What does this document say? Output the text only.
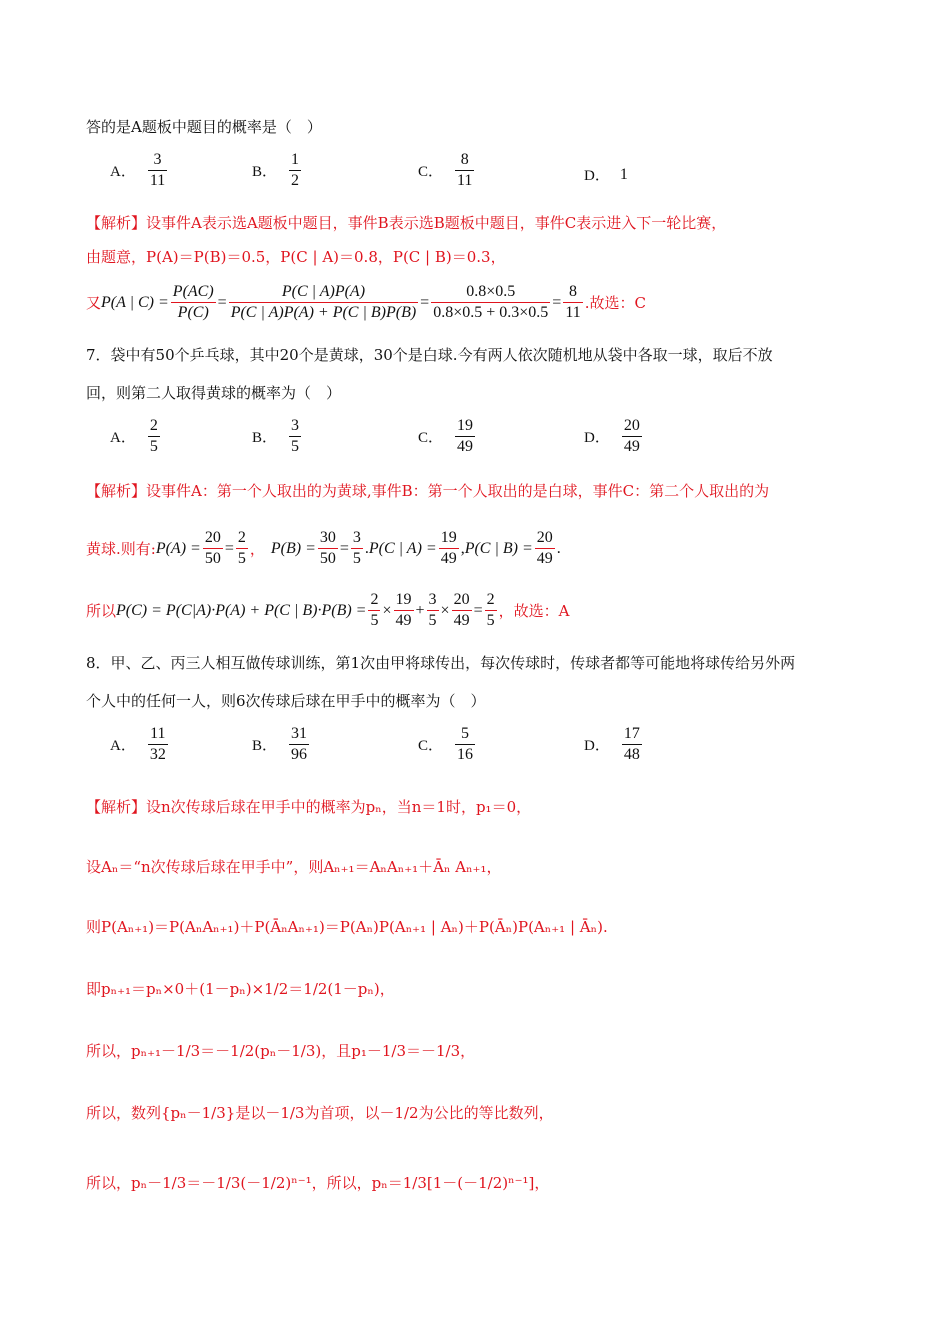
答的是A题板中题目的概率是（　）
A． $\frac{3}{11}$	B． $\frac{1}{2}$	C． $\frac{8}{11}$	D． 1
【解析】设事件A表示选A题板中题目，事件B表示选B题板中题目，事件C表示进入下一轮比赛，
由题意，P(A)＝P(B)＝0.5，P(C | A)＝0.8，P(C | B)＝0.3，
又 P(A | $C) = \frac{P(AC)}{P(C)} = \frac{P(C | A)P(A)}{P(C | A)P(A) + P(C | B)P(B)} = \frac{0.8\times 0.5}{0.8\times 0.5 + 0.3\times 0.5} = \frac{8}{11}$ .故选：C
7．袋中有50个乒乓球，其中20个是黄球，30个是白球.今有两人依次随机地从袋中各取一球，取后不放
回，则第二人取得黄球的概率为（　）
A． $\frac{2}{5}$	B． $\frac{3}{5}$	C． $\frac{19}{49}$	D． $\frac{20}{49}$
【解析】设事件A：第一个人取出的为黄球,事件B：第一个人取出的是白球，事件C：第二个人取出的为
黄球.则有: $P(A) = \frac{20}{50} = \frac{2}{5}$ ， $P(B) = \frac{30}{50} = \frac{3}{5}$ . P(C | $A) = \frac{19}{49}$ , P(C | $B) = \frac{20}{49}$ .
所以 P(C) = P(C|A)·P(A) + P(C | $B)\cdot P(B) = \frac{2}{5} \times \frac{19}{49} + \frac{3}{5} \times \frac{20}{49} = \frac{2}{5}$ ，故选：A
8．甲、乙、丙三人相互做传球训练，第1次由甲将球传出，每次传球时，传球者都等可能地将球传给另外两
个人中的任何一人，则6次传球后球在甲手中的概率为（　）
A． $\frac{11}{32}$	B． $\frac{31}{96}$	C． $\frac{5}{16}$	D． $\frac{17}{48}$
【解析】设n次传球后球在甲手中的概率为pₙ，当n＝1时，p₁＝0，
设Aₙ＝“n次传球后球在甲手中”，则Aₙ₊₁＝AₙAₙ₊₁＋Āₙ Aₙ₊₁，
则P(Aₙ₊₁)＝P(AₙAₙ₊₁)＋P(ĀₙAₙ₊₁)＝P(Aₙ)P(Aₙ₊₁ | Aₙ)＋P(Āₙ)P(Aₙ₊₁ | Āₙ).
即pₙ₊₁＝pₙ×0＋(1－pₙ)×1/2＝1/2(1－pₙ)，
所以，pₙ₊₁－1/3＝－1/2(pₙ－1/3)，且p₁－1/3＝－1/3，
所以，数列{pₙ－1/3}是以－1/3为首项，以－1/2为公比的等比数列，
所以，pₙ－1/3＝－1/3(－1/2)ⁿ⁻¹，所以，pₙ＝1/3[1－(－1/2)ⁿ⁻¹]，
